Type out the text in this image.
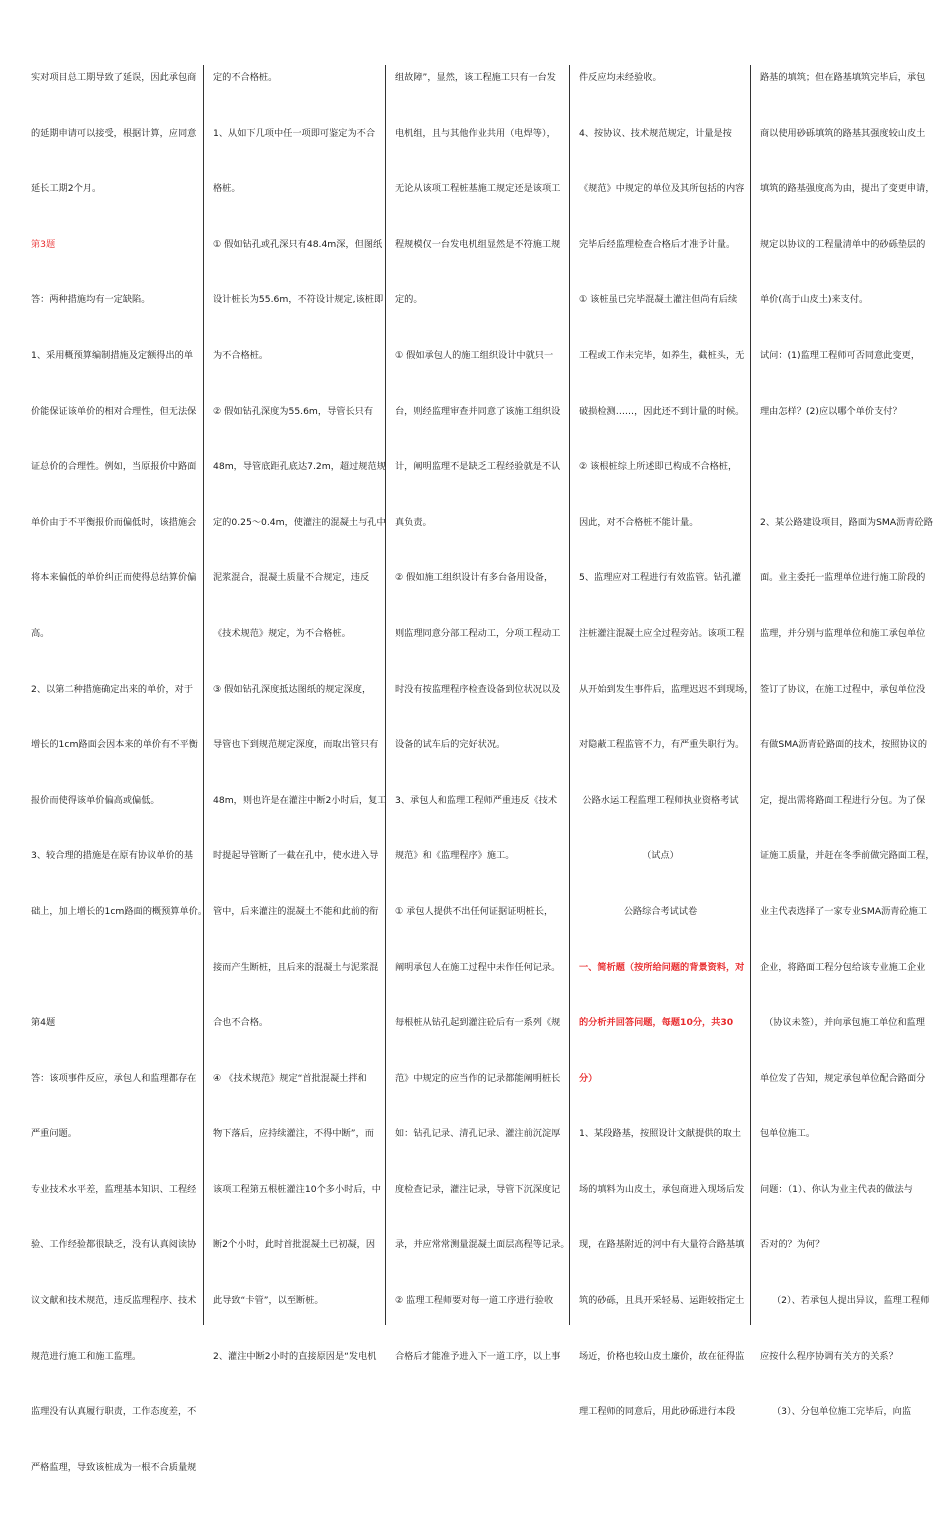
实对项目总工期导致了延误，因此承包商
的延期申请可以接受，根据计算，应同意
延长工期2个月。
第3题
答：两种措施均有一定缺陷。
1、采用概预算编制措施及定额得出的单
价能保证该单价的相对合理性，但无法保
证总价的合理性。例如，当原报价中路面
单价由于不平衡报价而偏低时，该措施会
将本来偏低的单价纠正而使得总结算价偏
高。
2、以第二种措施确定出来的单价，对于
增长的1cm路面会因本来的单价有不平衡
报价而使得该单价偏高或偏低。
3、较合理的措施是在原有协议单价的基
础上，加上增长的1cm路面的概预算单价。
第4题
答：该项事件反应，承包人和监理都存在
严重问题。
专业技术水平差，监理基本知识、工程经
验、工作经验都很缺乏，没有认真阅读协
议文献和技术规范，违反监理程序、技术
规范进行施工和施工监理。
监理没有认真履行职责，工作态度差，不
严格监理，导致该桩成为一根不合质量规
定的不合格桩。
1、从如下几项中任一项即可鉴定为不合
格桩。
① 假如钻孔或孔深只有48.4m深，但图纸
设计桩长为55.6m，不符设计规定,该桩即
为不合格桩。
② 假如钻孔深度为55.6m，导管长只有
48m，导管底距孔底达7.2m，超过规范规
定的0.25～0.4m，使灌注的混凝土与孔中
泥浆混合，混凝土质量不合规定，违反
《技术规范》规定，为不合格桩。
③ 假如钻孔深度抵达图纸的规定深度，
导管也下到规范规定深度，而取出管只有
48m，则也许是在灌注中断2小时后，复工
时提起导管断了一截在孔中，使水进入导
管中，后来灌注的混凝土不能和此前的衔
接而产生断桩，且后来的混凝土与泥浆混
合也不合格。
④ 《技术规范》规定“首批混凝土拌和
物下落后，应持续灌注，不得中断”，而
该项工程第五根桩灌注10个多小时后，中
断2个小时，此时首批混凝土已初凝，因
此导致“卡管”，以至断桩。
2、灌注中断2小时的直接原因是“发电机
组故障”，显然，该工程施工只有一台发
电机组，且与其他作业共用（电焊等），
无论从该项工程桩基施工规定还是该项工
程规模仅一台发电机组显然是不符施工规
定的。
① 假如承包人的施工组织设计中就只一
台，则经监理审查并同意了该施工组织设
计，阐明监理不是缺乏工程经验就是不认
真负责。
② 假如施工组织设计有多台备用设备，
则监理同意分部工程动工，分项工程动工
时没有按监理程序检查设备到位状况以及
设备的试车后的完好状况。
3、承包人和监理工程师严重违反《技术
规范》和《监理程序》施工。
① 承包人提供不出任何证据证明桩长，
阐明承包人在施工过程中未作任何记录。
每根桩从钻孔起到灌注砼后有一系列《规
范》中规定的应当作的记录都能阐明桩长
如：钻孔记录、清孔记录、灌注前沉淀厚
度检查记录，灌注记录，导管下沉深度记
录，并应常常测量混凝土面层高程等记录。
② 监理工程师要对每一道工序进行验收
合格后才能准予进入下一道工序，以上事
件反应均未经验收。
4、按协议、技术规范规定，计量是按
《规范》中规定的单位及其所包括的内容
完毕后经监理检查合格后才准予计量。
① 该桩虽已完毕混凝土灌注但尚有后续
工程或工作未完毕，如养生，截桩头，无
破损检测……，因此还不到计量的时候。
② 该根桩综上所述即已构成不合格桩，
因此，对不合格桩不能计量。
5、监理应对工程进行有效监管。钻孔灌
注桩灌注混凝土应全过程旁站。该项工程
从开始到发生事件后，监理迟迟不到现场，
对隐蔽工程监管不力，有严重失职行为。
公路水运工程监理工程师执业资格考试
（试点）
公路综合考试试卷
一、简析题（按所给问题的背景资料，对
的分析并回答问题，每题10分，共30
分）
1、某段路基，按照设计文献提供的取土
场的填料为山皮土，承包商进入现场后发
现，在路基附近的河中有大量符合路基填
筑的砂砾，且具开采轻易、运距较指定土
场近，价格也较山皮土廉价，故在征得监
理工程师的同意后，用此砂砾进行本段
路基的填筑；但在路基填筑完毕后，承包
商以使用砂砾填筑的路基其强度较山皮土
填筑的路基强度高为由，提出了变更申请，
规定以协议的工程量清单中的砂砾垫层的
单价(高于山皮土)来支付。
试问：(1)监理工程师可否同意此变更，
理由怎样？(2)应以哪个单价支付？
2、某公路建设项目，路面为SMA沥青砼路
面。业主委托一监理单位进行施工阶段的
监理，并分别与监理单位和施工承包单位
签订了协议，在施工过程中，承包单位没
有做SMA沥青砼路面的技术，按照协议的
定，提出需将路面工程进行分包。为了保
证施工质量，并赶在冬季前做完路面工程，
业主代表选择了一家专业SMA沥青砼施工
企业，将路面工程分包给该专业施工企业
（协议未签），并向承包施工单位和监理
单位发了告知，规定承包单位配合路面分
包单位施工。
问题：（1）、你认为业主代表的做法与
否对的？为何？
（2）、若承包人提出异议，监理工程师
应按什么程序协调有关方的关系？
（3）、分包单位施工完毕后，向监
